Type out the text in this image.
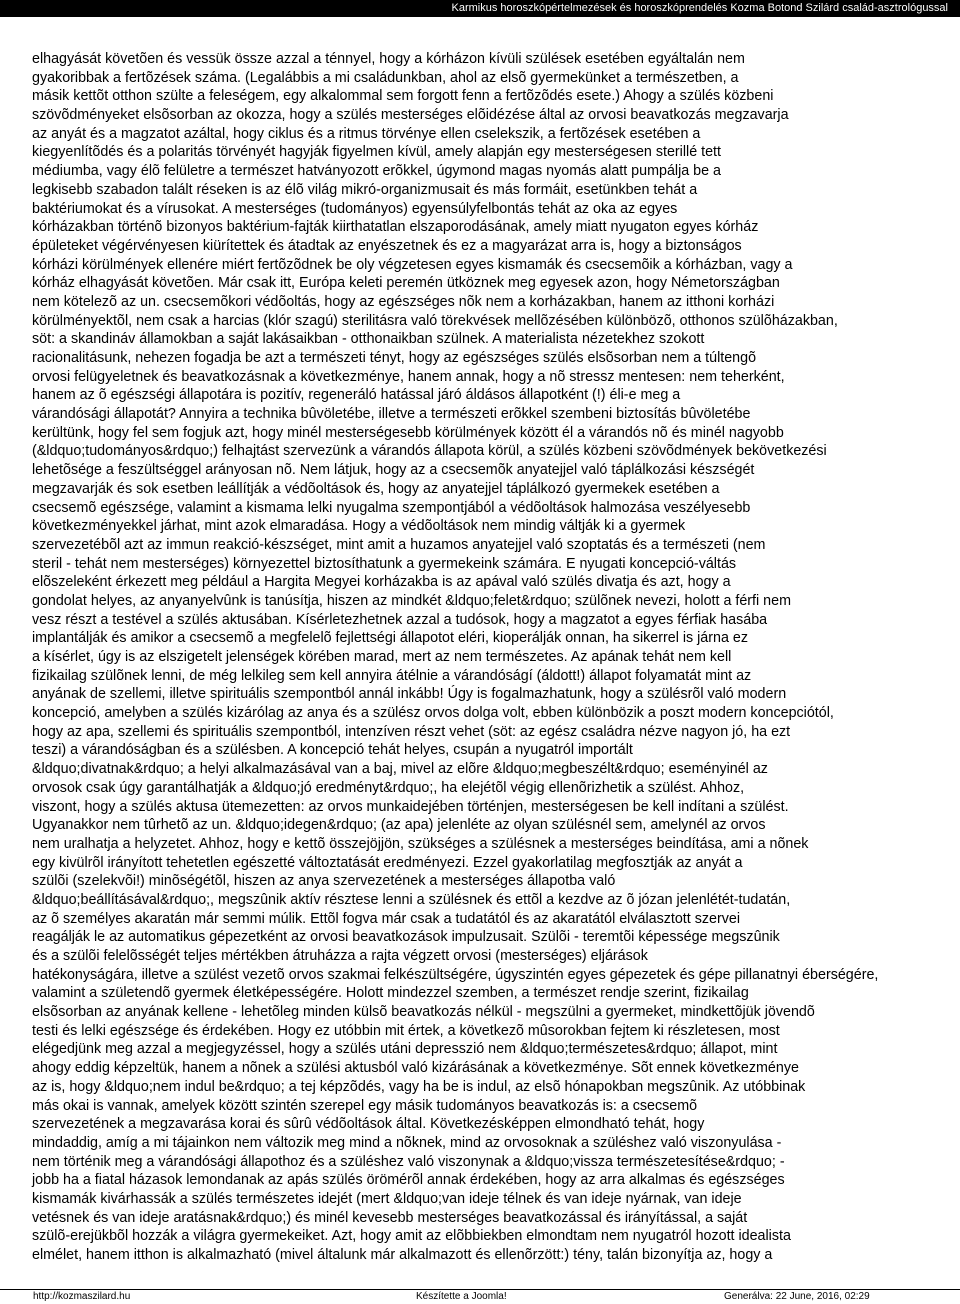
Karmikus horoszkópértelmezések és horoszkóprendelés Kozma Botond Szilárd család-asztrológussal
elhagyását követõen és vessük össze azzal a ténnyel, hogy a kórházon kívüli szülések esetében egyáltalán nem
gyakoribbak a fertõzések száma. (Legalábbis a mi családunkban, ahol az elsõ gyermekünket a természetben, a
másik kettõt otthon szülte a feleségem, egy alkalommal sem forgott fenn a fertõzõdés esete.) Ahogy a szülés közbeni
szövõdményeket elsõsorban az okozza, hogy a szülés mesterséges elõidézése által az orvosi beavatkozás megzavarja
az anyát és a magzatot azáltal, hogy ciklus és a ritmus törvénye ellen cselekszik, a fertõzések esetében a
kiegyenlítõdés és a polaritás törvényét hagyják figyelmen kívül, amely alapján egy mesterségesen sterillé tett
médiumba, vagy élõ felületre a természet hatványozott erõkkel, úgymond magas nyomás alatt pumpálja be a
legkisebb szabadon talált réseken is az élõ világ mikró-organizmusait és más formáit, esetünkben tehát a
baktériumokat és a vírusokat. A mesterséges (tudományos) egyensúlyfelbontás tehát az oka az egyes
kórházakban történõ bizonyos baktérium-fajták kiirthatatlan elszaporodásának, amely miatt nyugaton egyes kórház
épületeket végérvényesen kiürítettek és átadtak az enyészetnek és ez a magyarázat arra is, hogy a biztonságos
kórházi körülmények ellenére miért fertõzõdnek be oly végzetesen egyes kismamák és csecsemõik a kórházban, vagy a
kórház elhagyását követõen. Már csak itt, Európa keleti peremén ütköznek meg egyesek azon, hogy Németországban
nem kötelezõ az un. csecsemõkori védõoltás, hogy az egészséges nõk nem a korházakban, hanem az itthoni korházi
körülményektõl, nem csak a harcias (klór szagú) sterilitásra való törekvések mellõzésében különbözõ, otthonos szülõházakban,
söt: a skandináv államokban a saját lakásaikban - otthonaikban szülnek. A materialista nézetekhez szokott
racionalitásunk, nehezen fogadja be azt a természeti tényt, hogy az egészséges szülés elsõsorban nem a túltengõ
orvosi felügyeletnek és beavatkozásnak a következménye, hanem annak, hogy a nõ stressz mentesen: nem teherként,
hanem az õ egészségi állapotára is pozitív, regeneráló hatással járó áldásos állapotként (!) éli-e meg a
várandósági állapotát? Annyira a technika bûvöletébe, illetve a természeti erõkkel szembeni biztosítás bûvöletébe
kerültünk, hogy fel sem fogjuk azt, hogy minél mesterségesebb körülmények között él a várandós nõ és minél nagyobb
(&ldquo;tudományos&rdquo;) felhajtást szervezünk a várandós állapota körül, a szülés közbeni szövõdmények bekövetkezési
lehetõsége a feszültséggel arányosan nõ. Nem látjuk, hogy az a csecsemõk anyatejjel való táplálkozási készségét
megzavarják és sok esetben leállítják a védõoltások és, hogy az anyatejjel táplálkozó gyermekek esetében a
csecsemõ egészsége, valamint a kismama lelki nyugalma szempontjából a védõoltások halmozása veszélyesebb
következményekkel járhat, mint azok elmaradása. Hogy a védõoltások nem mindig váltják ki a gyermek
szervezetébõl azt az immun reakció-készséget, mint amit a huzamos anyatejjel való szoptatás és a természeti (nem
steril - tehát nem mesterséges) környezettel biztosíthatunk a gyermekeink számára. E nyugati koncepció-váltás
elõszeleként érkezett meg például a Hargita Megyei korházakba is az apával való szülés divatja és azt, hogy a
gondolat helyes, az anyanyelvûnk is tanúsítja, hiszen az mindkét &ldquo;felet&rdquo; szülõnek nevezi, holott a férfi nem
vesz részt a testével a szülés aktusában. Kísérletezhetnek azzal a tudósok, hogy a magzatot a egyes férfiak hasába
implantálják és amikor a csecsemõ a megfelelõ fejlettségi állapotot eléri, kioperálják onnan, ha sikerrel is járna ez
a kísérlet, úgy is az elszigetelt jelenségek körében marad, mert az nem természetes. Az apának tehát nem kell
fizikailag szülõnek lenni, de még lelkileg sem kell annyira átélnie a várandóságí (áldott!) állapot folyamatát mint az
anyának de szellemi, illetve spirituális szempontból annál inkább! Úgy is fogalmazhatunk, hogy a szülésrõl való modern
koncepció, amelyben a szülés kizárólag az anya és a szülész orvos dolga volt, ebben különbözik a poszt modern koncepciótól,
hogy az apa, szellemi és spirituális szempontból, intenzíven részt vehet (söt: az egész családra nézve nagyon jó, ha ezt
teszi) a várandóságban és a szülésben. A koncepció tehát helyes, csupán a nyugatról importált
&ldquo;divatnak&rdquo; a helyi alkalmazásával van a baj, mivel az elõre &ldquo;megbeszélt&rdquo; eseményinél az
orvosok csak úgy garantálhatják a &ldquo;jó eredményt&rdquo;, ha elejétõl végig ellenõrizhetik a szülést. Ahhoz,
viszont, hogy a szülés aktusa ütemezetten: az orvos munkaidejében történjen, mesterségesen be kell indítani a szülést.
Ugyanakkor nem tûrhetõ az un. &ldquo;idegen&rdquo; (az apa) jelenléte az olyan szülésnél sem, amelynél az orvos
nem uralhatja a helyzetet. Ahhoz, hogy e kettõ összejöjjön, szükséges a szülésnek a mesterséges beindítása, ami a nõnek
egy kivülrõl irányított tehetetlen egészetté változtatását eredményezi. Ezzel gyakorlatilag megfosztják az anyát a
szülõi (szelekvõi!) minõségétõl, hiszen az anya szervezetének a mesterséges állapotba való
&ldquo;beállításával&rdquo;, megszûnik aktív résztese lenni a szülésnek és ettõl a kezdve az õ józan jelenlétét-tudatán,
az õ személyes akaratán már semmi múlik. Ettõl fogva már csak a tudatától és az akaratától elválasztott szervei
reagálják le az automatikus gépezetként az orvosi beavatkozások impulzusait. Szülõi - teremtõi képessége megszûnik
és a szülõi felelõsségét teljes mértékben átruházza a rajta végzett orvosi (mesterséges) eljárások
hatékonyságára, illetve a szülést vezetõ orvos szakmai felkészültségére, úgyszintén egyes gépezetek és gépe pillanatnyi éberségére,
valamint a születendõ gyermek életképességére. Holott mindezzel szemben, a természet rendje szerint, fizikailag
elsõsorban az anyának kellene - lehetõleg minden külsõ beavatkozás nélkül - megszülni a gyermeket, mindkettõjük jövendõ
testi és lelki egészsége és érdekében. Hogy ez utóbbin mit értek, a következõ mûsorokban fejtem ki részletesen, most
elégedjünk meg azzal a megjegyzéssel, hogy a szülés utáni depresszió nem &ldquo;természetes&rdquo; állapot, mint
ahogy eddig képzeltük, hanem a nõnek a szülési aktusból való kizárásának a következménye. Sõt ennek következménye
az is, hogy &ldquo;nem indul be&rdquo; a tej képzõdés, vagy ha be is indul, az elsõ hónapokban megszûnik. Az utóbbinak
más okai is vannak, amelyek között szintén szerepel egy másik tudományos beavatkozás is: a csecsemõ
szervezetének a megzavarása korai és sûrû védõoltások által. Következésképpen elmondható tehát, hogy
mindaddig, amíg a mi tájainkon nem változik meg mind a nõknek, mind az orvosoknak a szüléshez való viszonyulása -
nem történik meg a várandósági állapothoz és a szüléshez való viszonynak a &ldquo;vissza természetesítése&rdquo; -
jobb ha a fiatal házasok lemondanak az apás szülés örömérõl annak érdekében, hogy az arra alkalmas és egészséges
kismamák kivárhassák a szülés természetes idejét (mert &ldquo;van ideje télnek és van ideje nyárnak, van ideje
vetésnek és van ideje aratásnak&rdquo;) és minél kevesebb mesterséges beavatkozással és irányítással, a saját
szülõ-erejükbõl hozzák a világra gyermekeiket. Azt, hogy amit az elõbbiekben elmondtam nem nyugatról hozott idealista
elmélet, hanem itthon is alkalmazható (mivel általunk már alkalmazott és ellenõrzött:) tény, talán bizonyítja az, hogy a
http://kozmaszilard.hu	Készítette a Joomla!	Generálva: 22 June, 2016, 02:29
